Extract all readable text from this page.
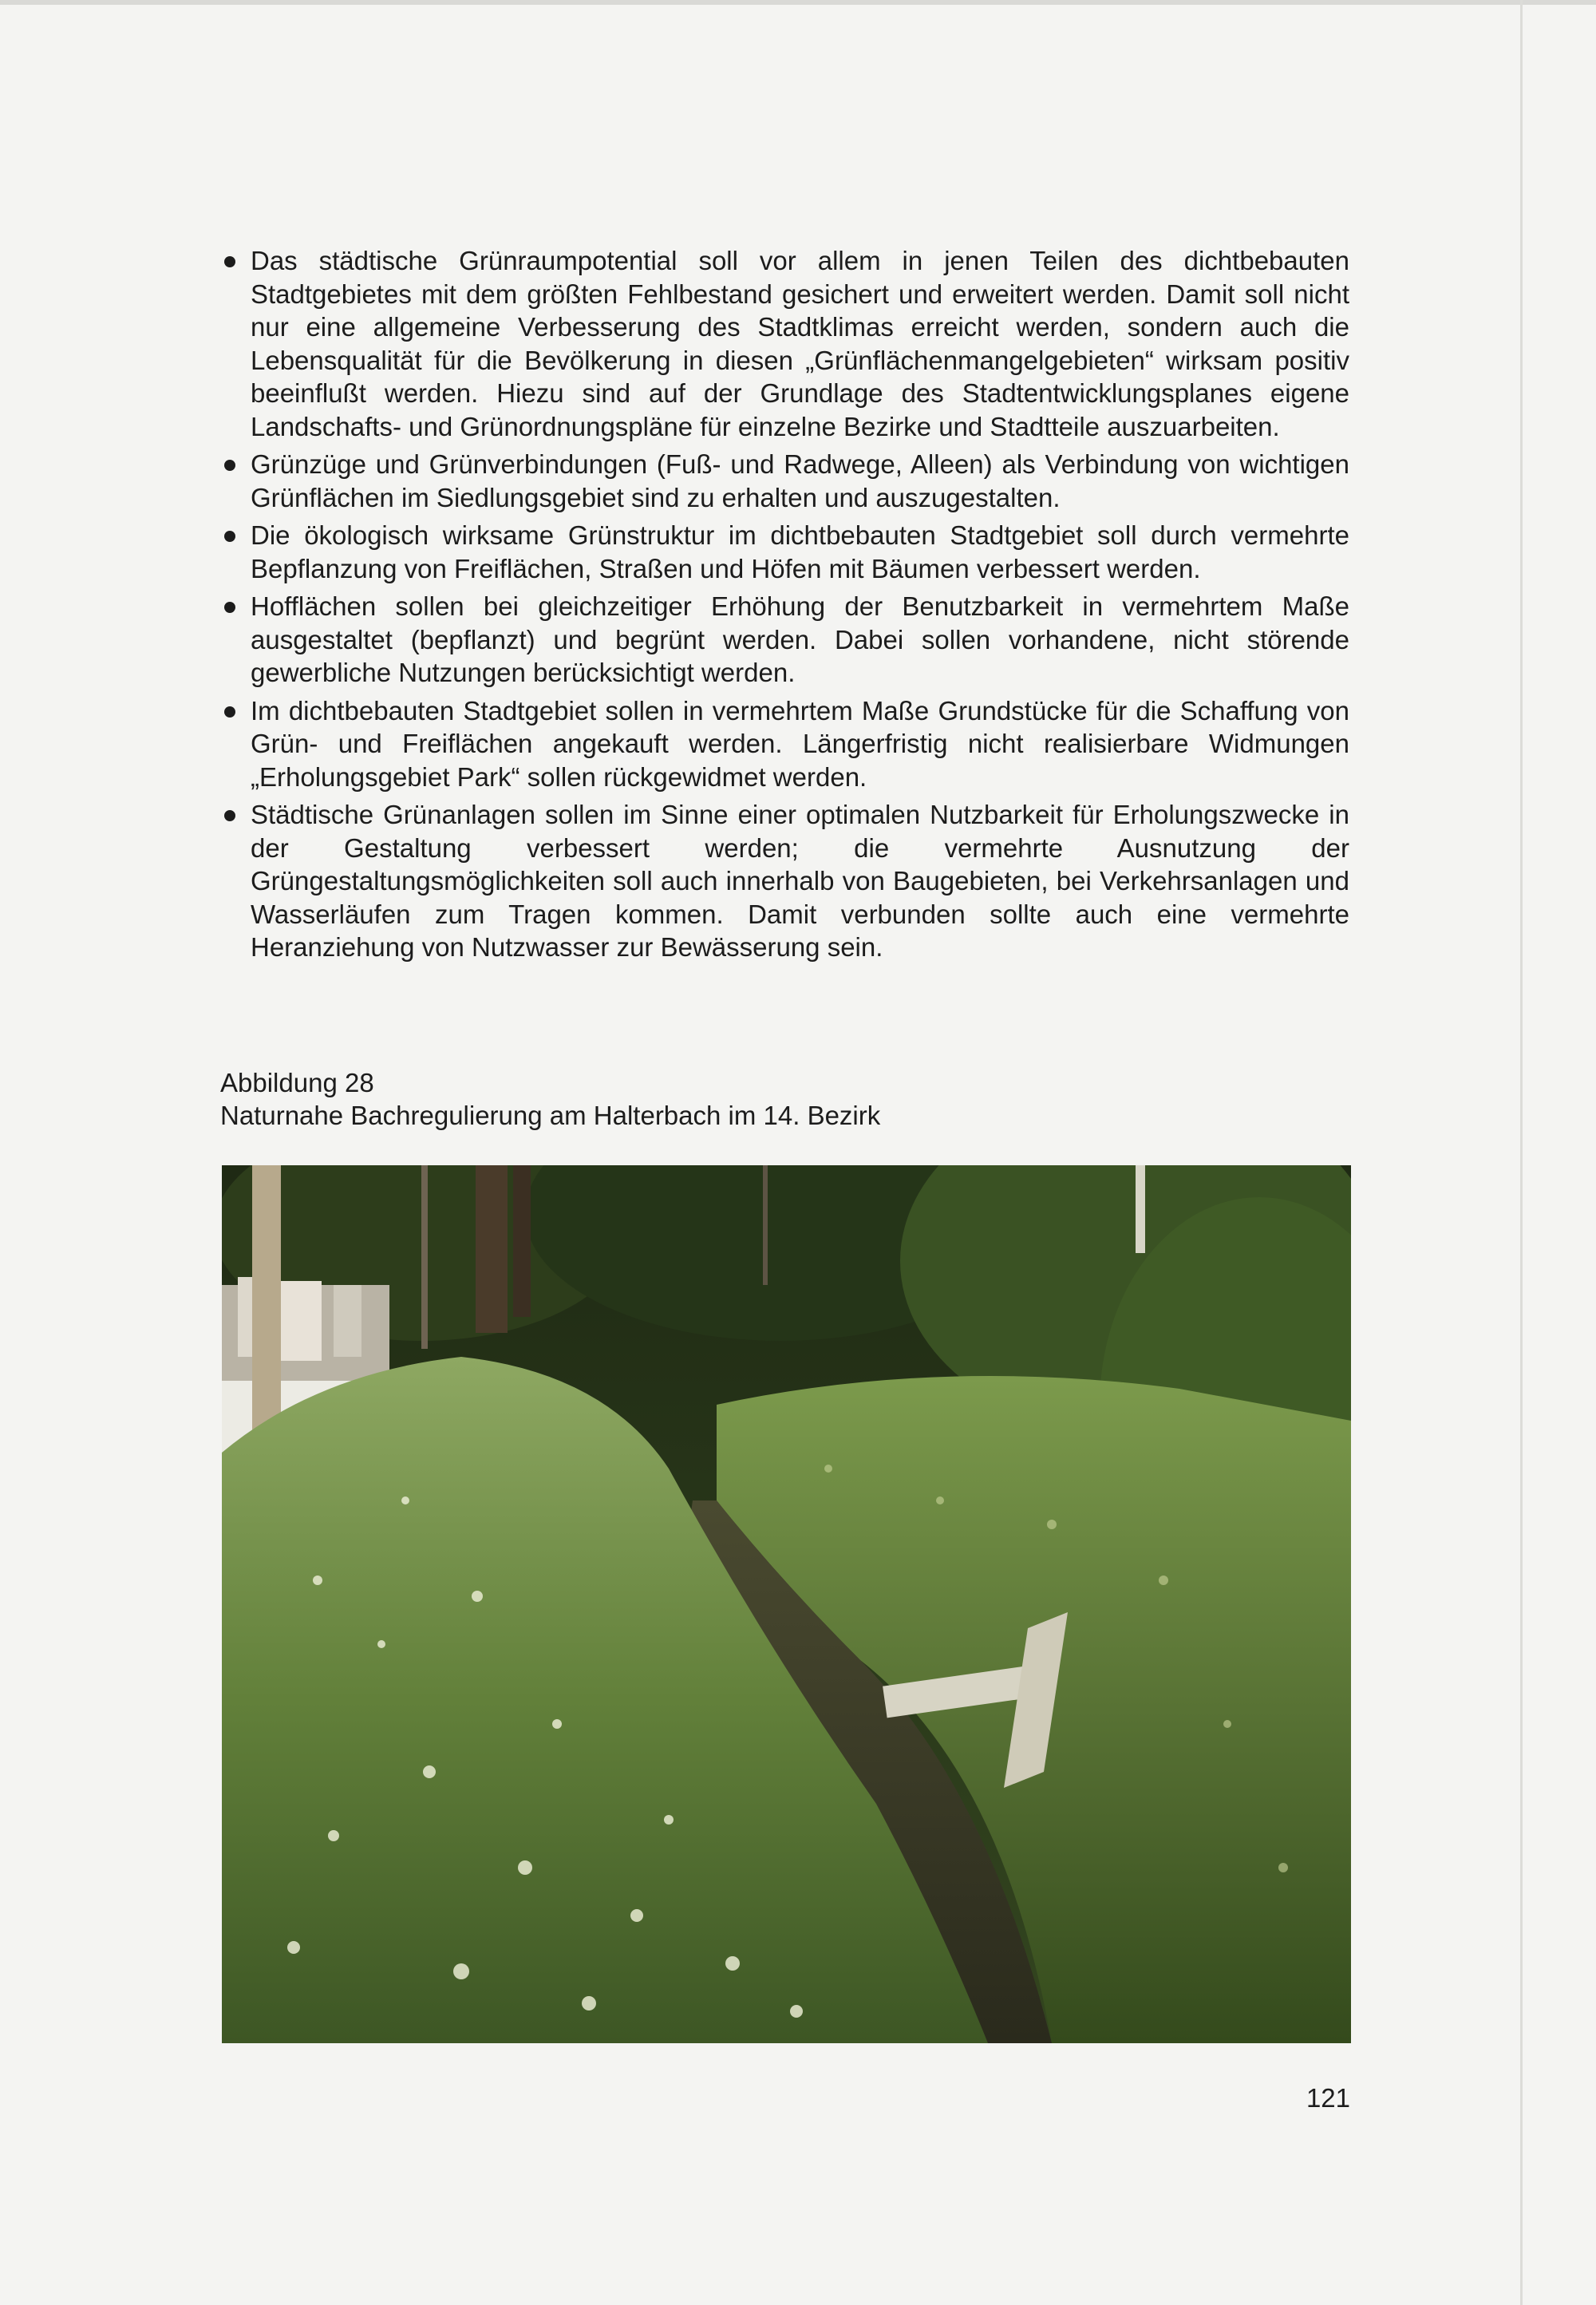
Das städtische Grünraumpotential soll vor allem in jenen Teilen des dichtbebauten Stadtgebietes mit dem größten Fehlbestand gesichert und erweitert werden. Damit soll nicht nur eine allgemeine Verbesserung des Stadtklimas erreicht werden, sondern auch die Lebensqualität für die Bevölkerung in diesen „Grünflächenmangelgebieten“ wirksam positiv beeinflußt werden. Hiezu sind auf der Grundlage des Stadtentwicklungsplanes eigene Landschafts- und Grünordnungspläne für einzelne Bezirke und Stadtteile auszuarbeiten.
Grünzüge und Grünverbindungen (Fuß- und Radwege, Alleen) als Verbindung von wichtigen Grünflächen im Siedlungsgebiet sind zu erhalten und auszugestalten.
Die ökologisch wirksame Grünstruktur im dichtbebauten Stadtgebiet soll durch vermehrte Bepflanzung von Freiflächen, Straßen und Höfen mit Bäumen verbessert werden.
Hofflächen sollen bei gleichzeitiger Erhöhung der Benutzbarkeit in vermehrtem Maße ausgestaltet (bepflanzt) und begrünt werden. Dabei sollen vorhandene, nicht störende gewerbliche Nutzungen berücksichtigt werden.
Im dichtbebauten Stadtgebiet sollen in vermehrtem Maße Grundstücke für die Schaffung von Grün- und Freiflächen angekauft werden. Längerfristig nicht realisierbare Widmungen „Erholungsgebiet Park“ sollen rückgewidmet werden.
Städtische Grünanlagen sollen im Sinne einer optimalen Nutzbarkeit für Erholungszwecke in der Gestaltung verbessert werden; die vermehrte Ausnutzung der Grüngestaltungsmöglichkeiten soll auch innerhalb von Baugebieten, bei Verkehrsanlagen und Wasserläufen zum Tragen kommen. Damit verbunden sollte auch eine vermehrte Heranziehung von Nutzwasser zur Bewässerung sein.
Abbildung 28
Naturnahe Bachregulierung am Halterbach im 14. Bezirk
121
